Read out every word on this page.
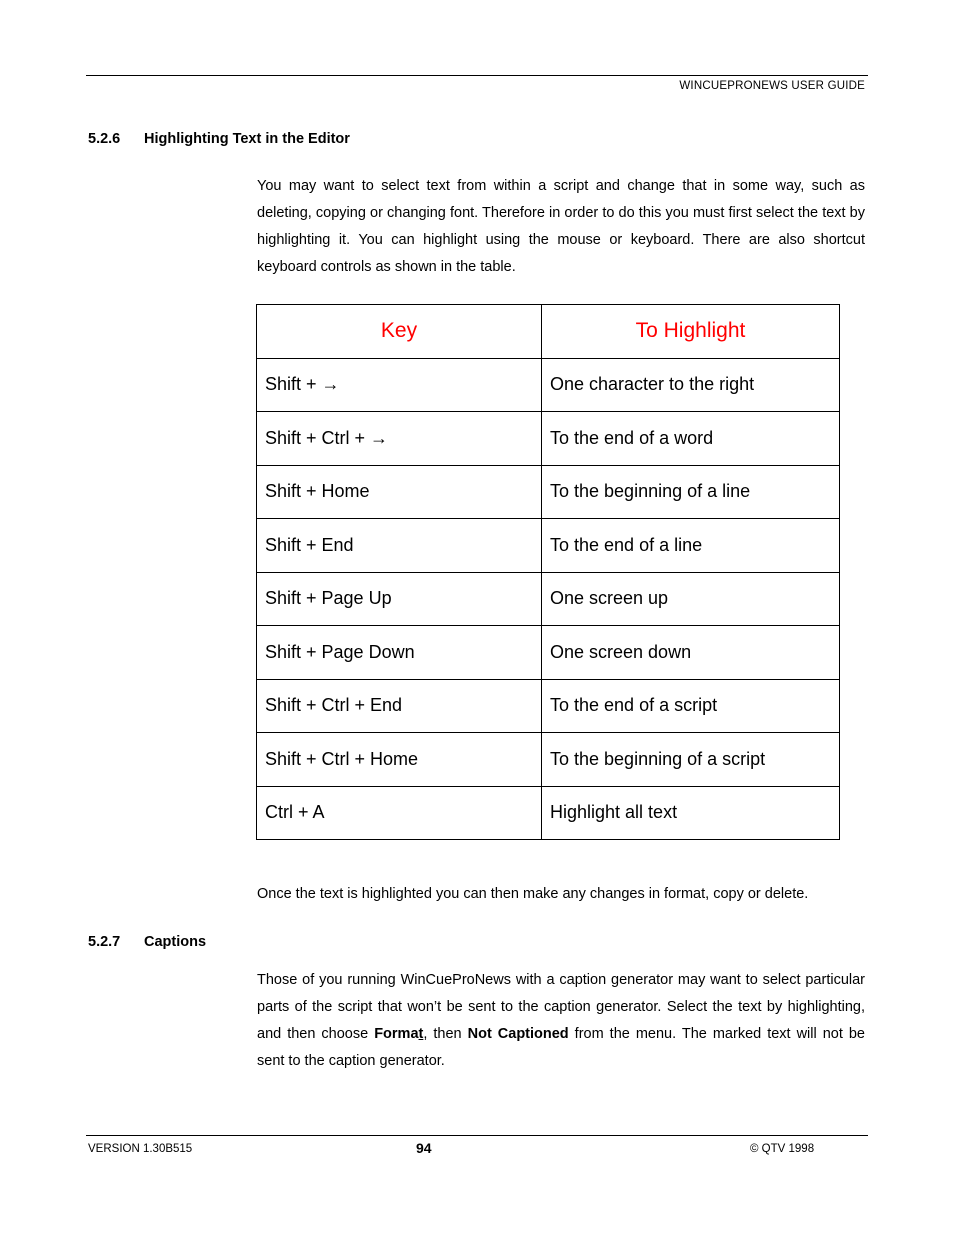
WINCUEPRONEWS USER GUIDE
5.2.6 Highlighting Text in the Editor

You may want to select text from within a script and change that in some way, such as deleting, copying or changing font. Therefore in order to do this you must first select the text by highlighting it. You can highlight using the mouse or keyboard. There are also shortcut keyboard controls as shown in the table.

Key	To Highlight
Shift + →	One character to the right
Shift + Ctrl + →	To the end of a word
Shift + Home	To the beginning of a line
Shift + End	To the end of a line
Shift + Page Up	One screen up
Shift + Page Down	One screen down
Shift + Ctrl + End	To the end of a script
Shift + Ctrl + Home	To the beginning of a script
Ctrl + A	Highlight all text

Once the text is highlighted you can then make any changes in format, copy or delete.

5.2.7 Captions

Those of you running WinCueProNews with a caption generator may want to select particular parts of the script that won’t be sent to the caption generator. Select the text by highlighting, and then choose Format, then Not Captioned from the menu. The marked text will not be sent to the caption generator.

VERSION 1.30B515	94	© QTV 1998
